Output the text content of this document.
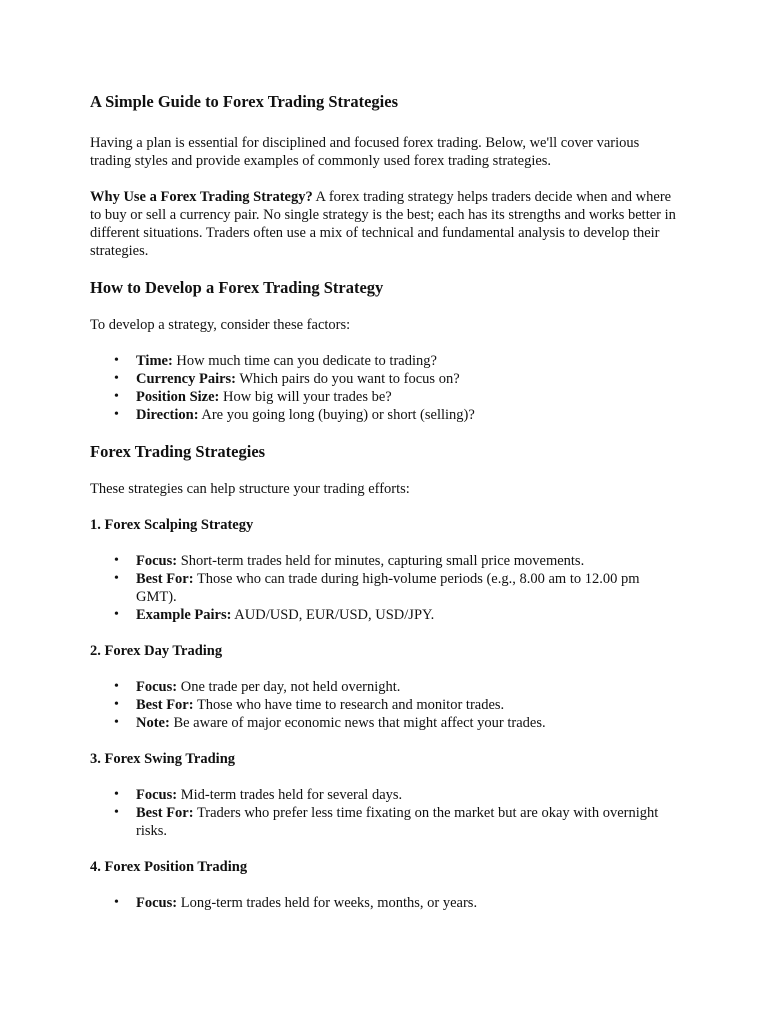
A Simple Guide to Forex Trading Strategies

Having a plan is essential for disciplined and focused forex trading. Below, we'll cover various trading styles and provide examples of commonly used forex trading strategies.

Why Use a Forex Trading Strategy? A forex trading strategy helps traders decide when and where to buy or sell a currency pair. No single strategy is the best; each has its strengths and works better in different situations. Traders often use a mix of technical and fundamental analysis to develop their strategies.

How to Develop a Forex Trading Strategy

To develop a strategy, consider these factors:

• Time: How much time can you dedicate to trading?
• Currency Pairs: Which pairs do you want to focus on?
• Position Size: How big will your trades be?
• Direction: Are you going long (buying) or short (selling)?
Forex Trading Strategies

These strategies can help structure your trading efforts:

1. Forex Scalping Strategy
• Focus: Short-term trades held for minutes, capturing small price movements.
• Best For: Those who can trade during high-volume periods (e.g., 8.00 am to 12.00 pm GMT).
• Example Pairs: AUD/USD, EUR/USD, USD/JPY.
2. Forex Day Trading
• Focus: One trade per day, not held overnight.
• Best For: Those who have time to research and monitor trades.
• Note: Be aware of major economic news that might affect your trades.
3. Forex Swing Trading
• Focus: Mid-term trades held for several days.
• Best For: Traders who prefer less time fixating on the market but are okay with overnight risks.
4. Forex Position Trading
• Focus: Long-term trades held for weeks, months, or years.
